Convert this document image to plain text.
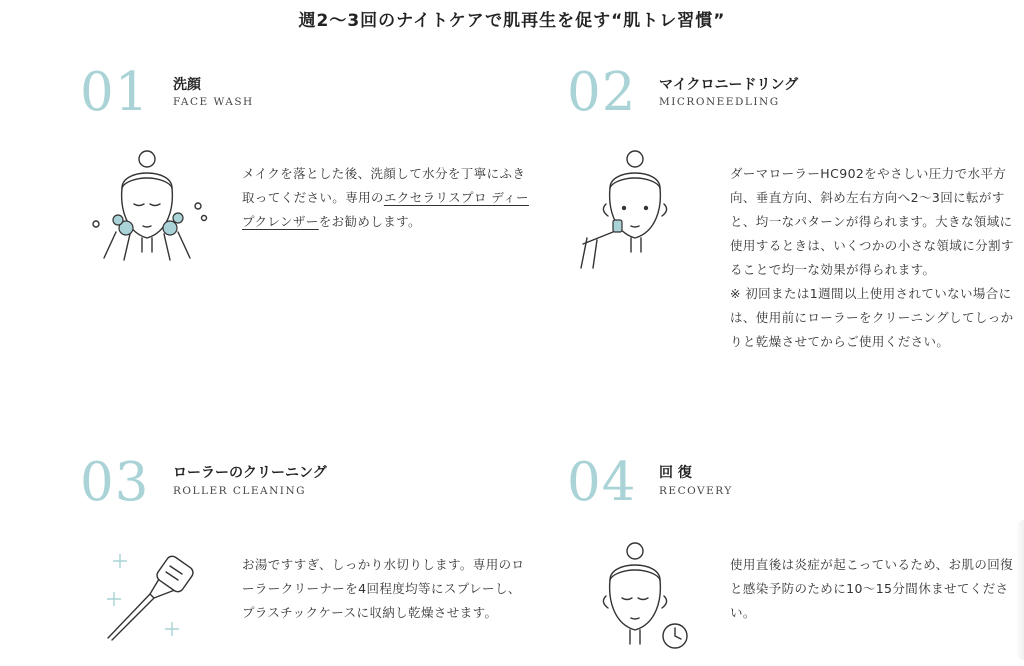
週2〜3回のナイトケアで肌再生を促す“肌トレ習慣”
01 洗顔
FACE WASH

メイクを落とした後、洗顔して水分を丁寧にふき取ってください。専用のエクセラリスプロ ディープクレンザーをお勧めします。

02 マイクロニードリング
MICRONEEDLING

ダーマローラーHC902をやさしい圧力で水平方向、垂直方向、斜め左右方向へ2〜3回に転がすと、均一なパターンが得られます。大きな領域に使用するときは、いくつかの小さな領域に分割することで均一な効果が得られます。

※ 初回または1週間以上使用されていない場合には、使用前にローラーをクリーニングしてしっかりと乾燥させてからご使用ください。

03 ローラーのクリーニング
ROLLER CLEANING

お湯ですすぎ、しっかり水切りします。専用のローラークリーナーを4回程度均等にスプレーし、プラスチックケースに収納し乾燥させます。

04 回 復
RECOVERY

使用直後は炎症が起こっているため、お肌の回復と感染予防のために10〜15分間休ませてください。
